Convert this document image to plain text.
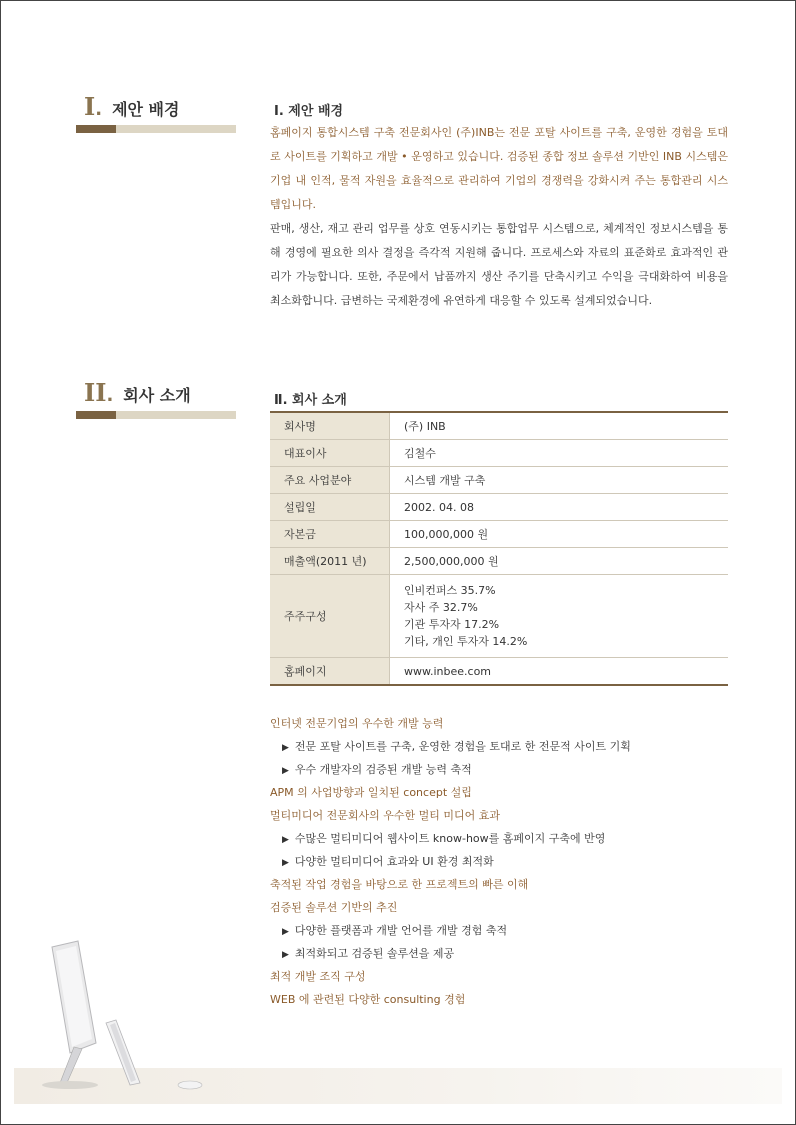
I . 제안 배경	Ⅰ. 제안 배경

홈페이지 통합시스템 구축 전문회사인 (주)INB는 전문 포탈 사이트를 구축, 운영한 경험을 토대로 사이트를 기획하고 개발 • 운영하고 있습니다. 검증된 종합 정보 솔루션 기반인 INB 시스템은 기업 내 인적, 물적 자원을 효율적으로 관리하여 기업의 경쟁력을 강화시켜 주는 통합관리 시스템입니다.

판매, 생산, 재고 관리 업무를 상호 연동시키는 통합업무 시스템으로, 체계적인 정보시스템을 통해 경영에 필요한 의사 결정을 즉각적 지원해 줍니다. 프로세스와 자료의 표준화로 효과적인 관리가 가능합니다. 또한, 주문에서 납품까지 생산 주기를 단축시키고 수익을 극대화하여 비용을 최소화합니다. 급변하는 국제환경에 유연하게 대응할 수 있도록 설계되었습니다.

II . 회사 소개	Ⅱ. 회사 소개
회사명	(주) INB
대표이사	김철수
주요 사업분야	시스템 개발 구축
설립일	2002. 04. 08
자본금	100,000,000 원
매출액(2011 년)	2,500,000,000 원
주주구성	인비컨퍼스 35.7%
자사 주 32.7%
기관 투자자 17.2%
기타, 개인 투자자 14.2%

홈페이지	www.inbee.com
인터넷 전문기업의 우수한 개발 능력
▶ 전문 포탈 사이트를 구축, 운영한 경험을 토대로 한 전문적 사이트 기획
▶ 우수 개발자의 검증된 개발 능력 축적
APM 의 사업방향과 일치된 concept 설립
멀티미디어 전문회사의 우수한 멀티 미디어 효과
▶ 수많은 멀티미디어 웹사이트 know-how를 홈페이지 구축에 반영
▶ 다양한 멀티미디어 효과와 UI 환경 최적화
축적된 작업 경험을 바탕으로 한 프로젝트의 빠른 이해
검증된 솔루션 기반의 추진
▶ 다양한 플랫폼과 개발 언어를 개발 경험 축적
▶ 최적화되고 검증된 솔루션을 제공
최적 개발 조직 구성
WEB 에 관련된 다양한 consulting 경험
